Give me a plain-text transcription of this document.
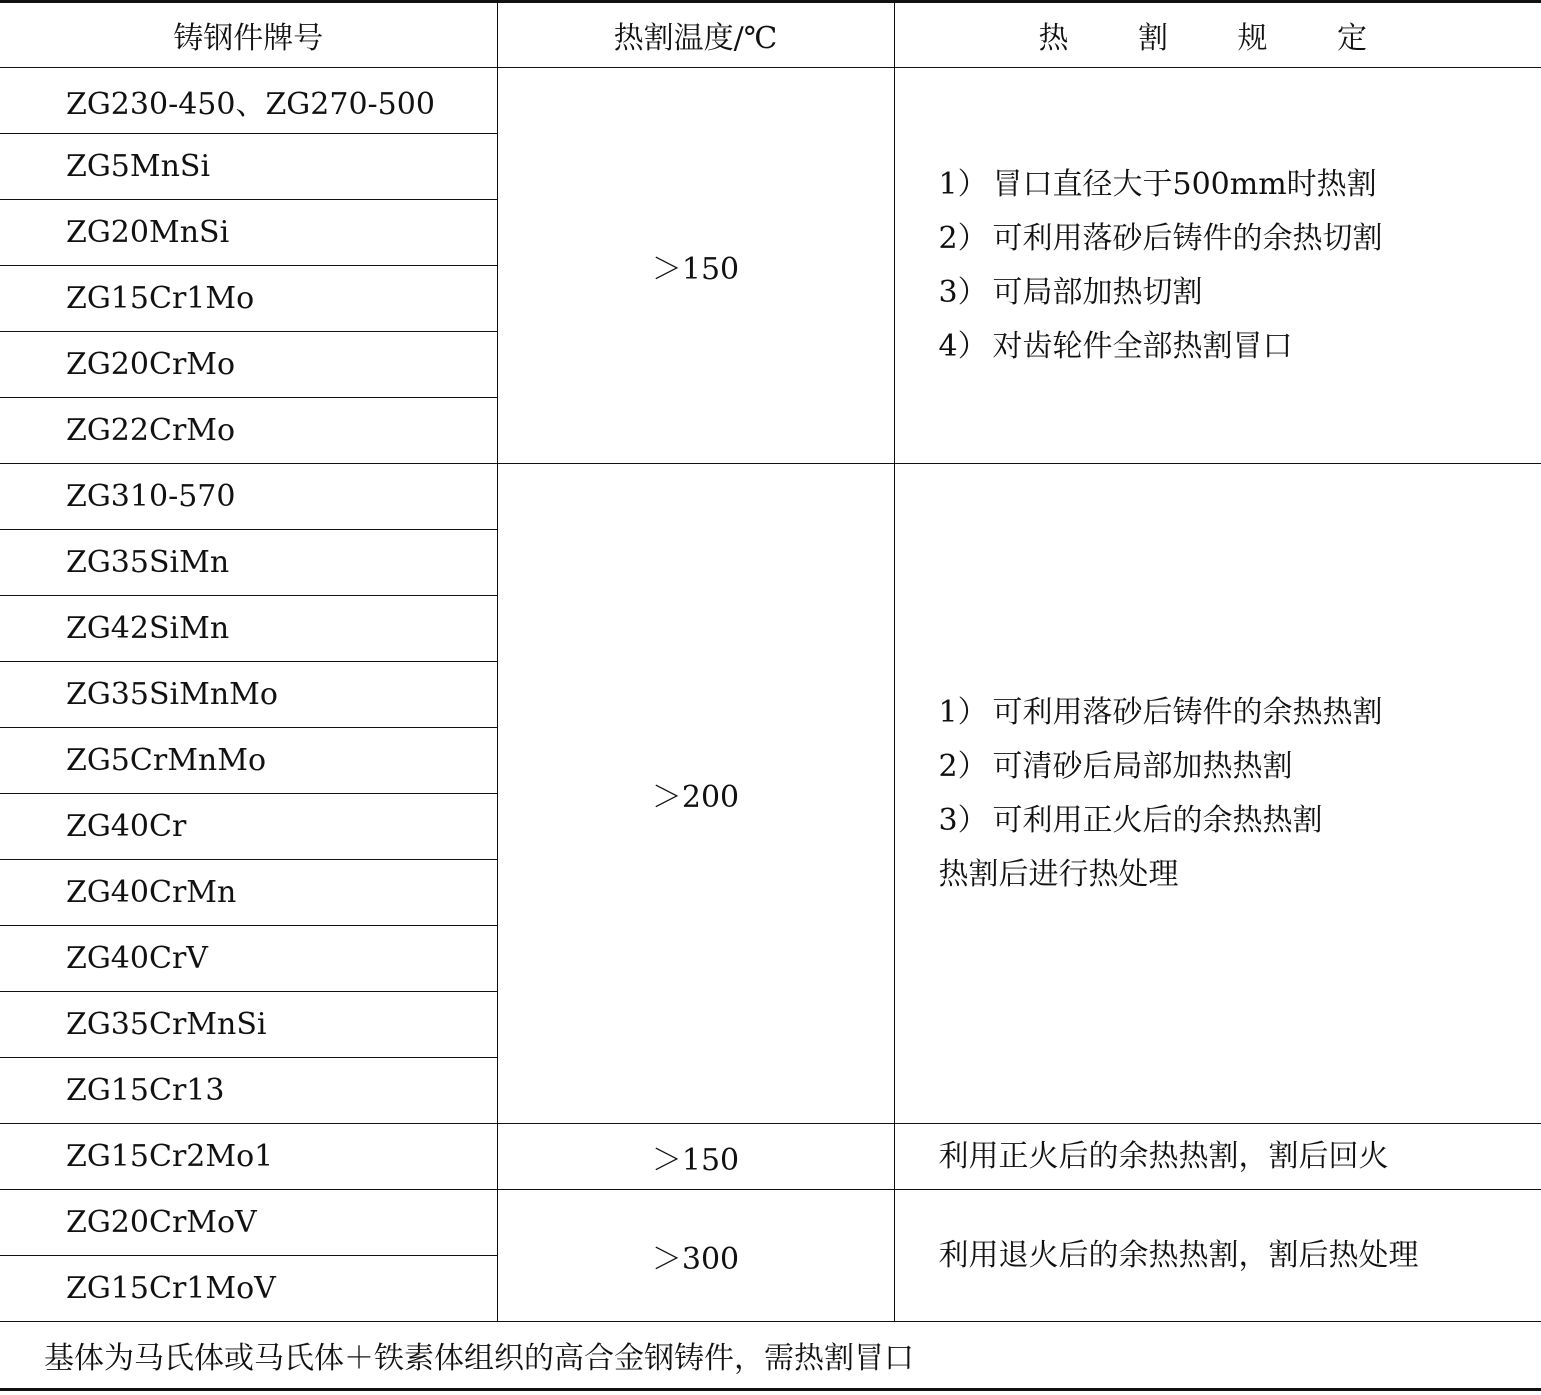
铸钢件牌号	热割温度/℃	热 割 规 定
ZG230-450、ZG270-500	＞150	1） 冒口直径大于500mm时热割
2） 可利用落砂后铸件的余热切割
3） 可局部加热切割
4） 对齿轮件全部热割冒口

ZG5MnSi		
ZG20MnSi		
ZG15Cr1Mo		
ZG20CrMo		
ZG22CrMo		
ZG310-570	＞200	1） 可利用落砂后铸件的余热热割
2） 可清砂后局部加热热割
3） 可利用正火后的余热热割
热割后进行热处理

ZG35SiMn		
ZG42SiMn		
ZG35SiMnMo		
ZG5CrMnMo		
ZG40Cr		
ZG40CrMn		
ZG40CrV		
ZG35CrMnSi		
ZG15Cr13		
ZG15Cr2Mo1	＞150	利用正火后的余热热割，割后回火

ZG20CrMoV	＞300	利用退火后的余热热割，割后热处理

ZG15Cr1MoV		
基体为马氏体或马氏体＋铁素体组织的高合金钢铸件，需热割冒口		
